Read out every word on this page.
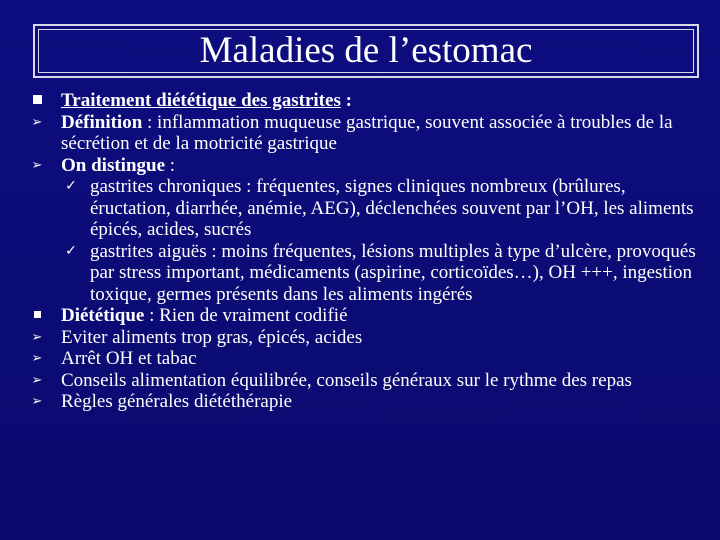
Maladies de l’estomac
Traitement diététique des gastrites :
➢ Définition : inflammation muqueuse gastrique, souvent associée à troubles de la sécrétion et de la motricité gastrique
➢ On distingue :
✓ gastrites chroniques : fréquentes, signes cliniques nombreux (brûlures, éructation, diarrhée, anémie, AEG), déclenchées souvent par l’OH, les aliments épicés, acides, sucrés
✓ gastrites aiguës : moins fréquentes, lésions multiples à type d’ulcère, provoqués par stress important, médicaments (aspirine, corticoïdes…), OH +++, ingestion toxique, germes présents dans les aliments ingérés
Diététique : Rien de vraiment codifié
➢ Eviter aliments trop gras, épicés, acides
➢ Arrêt OH et tabac
➢ Conseils alimentation équilibrée, conseils généraux sur le rythme des repas
➢ Règles générales diététhérapie
